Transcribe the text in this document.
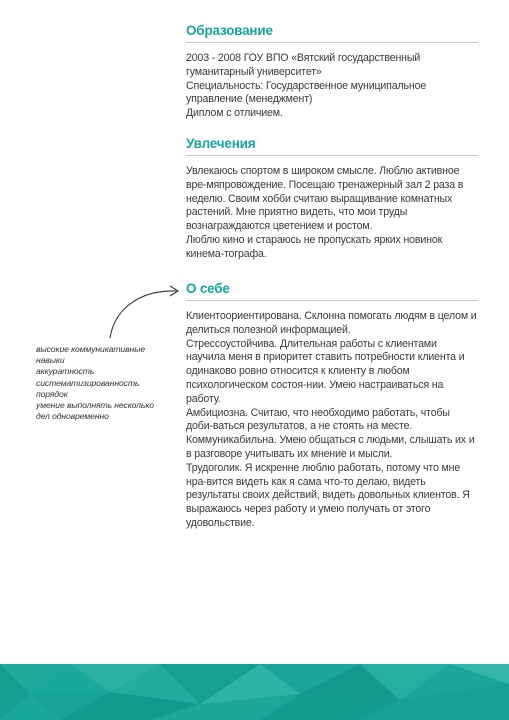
Образование

2003 - 2008 ГОУ ВПО «Вятский государственный гуманитарный университет»

Специальность: Государственное муниципальное управление (менеджмент)

Диплом с отличием.

Увлечения

Увлекаюсь спортом в широком смысле. Люблю активное вре-мяпровождение. Посещаю тренажерный зал 2 раза в неделю. Своим хобби считаю выращивание комнатных растений. Мне приятно видеть, что мои труды вознаграждаются цветением и ростом.

Люблю кино и стараюсь не пропускать ярких новинок кинема-тографа.

О себе

Клиентоориентирована. Склонна помогать людям в целом и делиться полезной информацией.

Стрессоустойчива. Длительная работы с клиентами научила меня в приоритет ставить потребности клиента и одинаково ровно относится к клиенту в любом психологическом состоя-нии. Умею настраиваться на работу.

Амбициозна. Считаю, что необходимо работать, чтобы доби-ваться результатов, а не стоять на месте.

Коммуникабильна. Умею общаться с людьми, слышать их и в разговоре учитывать их мнение и мысли.

Трудоголик. Я искренне люблю работать, потому что мне нра-вится видеть как я сама что-то делаю, видеть результаты своих действий, видеть довольных клиентов. Я выражаюсь через работу и умею получать от этого удовольствие.

высокие коммуникативные
навыки
аккуратность
систематизированность
порядок
умение выполнять несколько
дел одновременно
